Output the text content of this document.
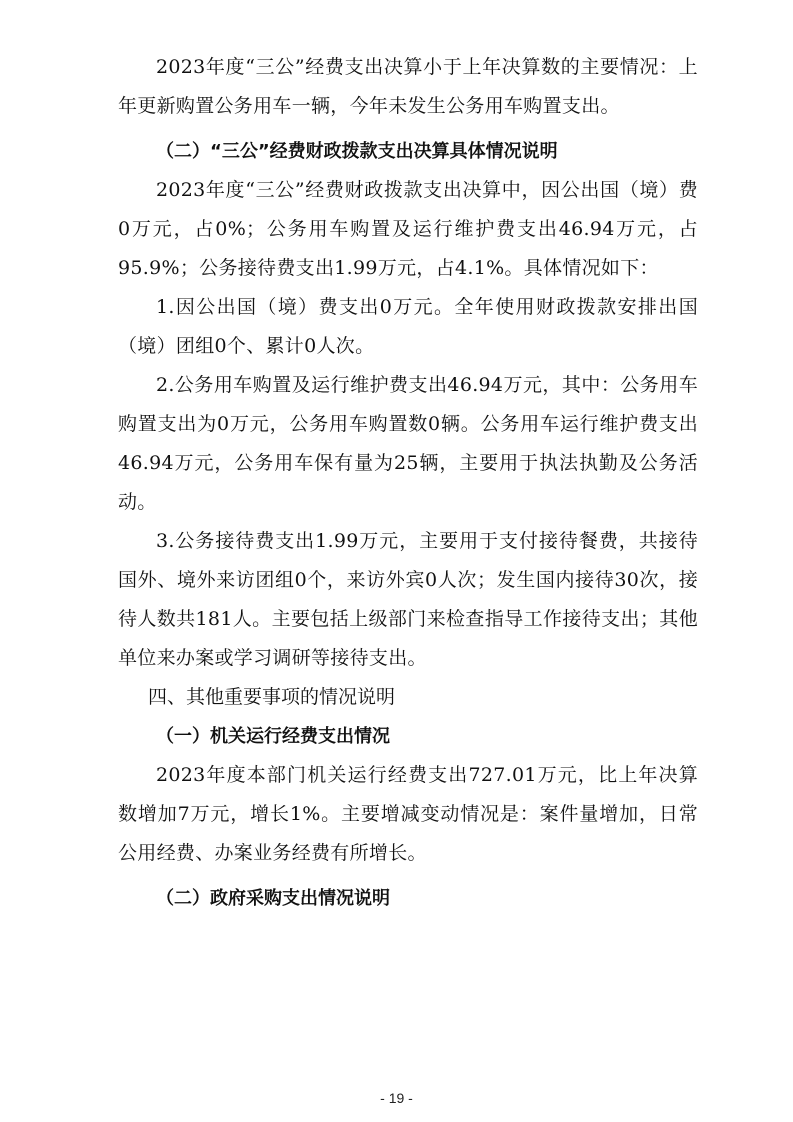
2023年度“三公”经费支出决算小于上年决算数的主要情况：上年更新购置公务用车一辆，今年未发生公务用车购置支出。

（二）“三公”经费财政拨款支出决算具体情况说明

2023年度“三公”经费财政拨款支出决算中，因公出国（境）费0万元，占0%；公务用车购置及运行维护费支出46.94万元，占95.9%；公务接待费支出1.99万元，占4.1%。具体情况如下：

1.因公出国（境）费支出0万元。全年使用财政拨款安排出国（境）团组0个、累计0人次。

2.公务用车购置及运行维护费支出46.94万元，其中：公务用车购置支出为0万元，公务用车购置数0辆。公务用车运行维护费支出46.94万元，公务用车保有量为25辆，主要用于执法执勤及公务活动。

3.公务接待费支出1.99万元，主要用于支付接待餐费，共接待国外、境外来访团组0个，来访外宾0人次；发生国内接待30次，接待人数共181人。主要包括上级部门来检查指导工作接待支出；其他单位来办案或学习调研等接待支出。

四、其他重要事项的情况说明

（一）机关运行经费支出情况

2023年度本部门机关运行经费支出727.01万元，比上年决算数增加7万元，增长1%。主要增减变动情况是：案件量增加，日常公用经费、办案业务经费有所增长。

（二）政府采购支出情况说明

- 19 -
